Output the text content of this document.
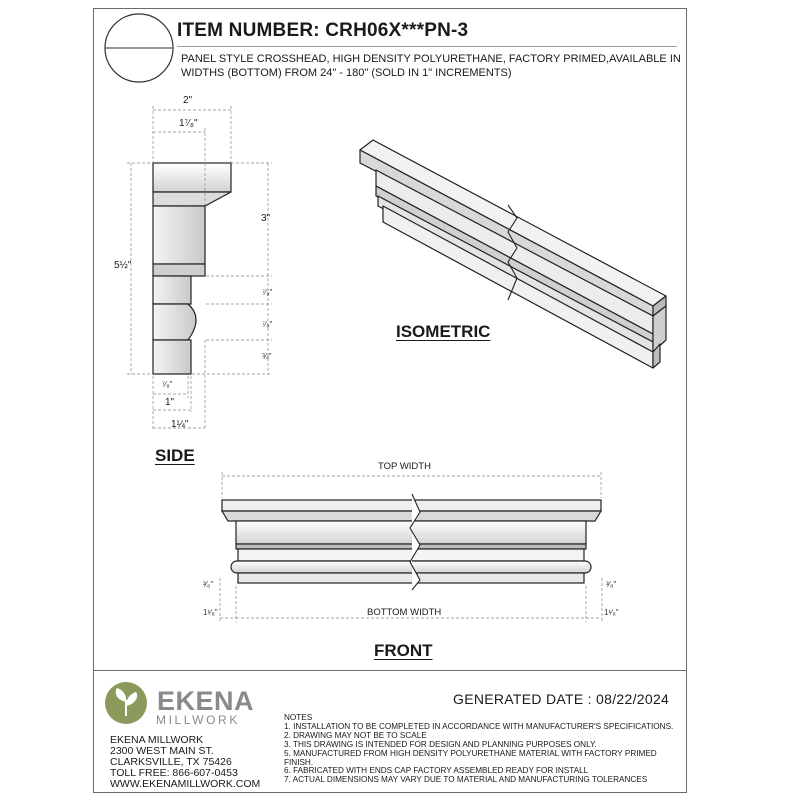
ITEM NUMBER: CRH06X***PN-3
PANEL STYLE CROSSHEAD, HIGH DENSITY POLYURETHANE, FACTORY PRIMED,AVAILABLE IN WIDTHS (BOTTOM) FROM 24" - 180" (SOLD IN 1" INCREMENTS)
2"
1⁷⁄₈"
5½"
3"
⁷⁄₈"
⁷⁄₈"
¾"
⁷⁄₈"
1"
1¼"
SIDE
ISOMETRIC
FRONT
TOP WIDTH
BOTTOM WIDTH
³⁄₈"	³⁄₈"
1¹⁄₈"	1¹⁄₈"
EKENA
MILLWORK
EKENA MILLWORK
2300 WEST MAIN ST.
CLARKSVILLE, TX 75426
TOLL FREE: 866-607-0453
WWW.EKENAMILLWORK.COM
GENERATED DATE : 08/22/2024
NOTES
1. INSTALLATION TO BE COMPLETED IN ACCORDANCE WITH MANUFACTURER'S SPECIFICATIONS.
2. DRAWING MAY NOT BE TO SCALE
3. THIS DRAWING IS INTENDED FOR DESIGN AND PLANNING PURPOSES ONLY.
5. MANUFACTURED FROM HIGH DENSITY POLYURETHANE MATERIAL WITH FACTORY PRIMED
FINISH.
6. FABRICATED WITH ENDS CAP FACTORY ASSEMBLED READY FOR INSTALL
7. ACTUAL DIMENSIONS MAY VARY DUE TO MATERIAL AND MANUFACTURING TOLERANCES
